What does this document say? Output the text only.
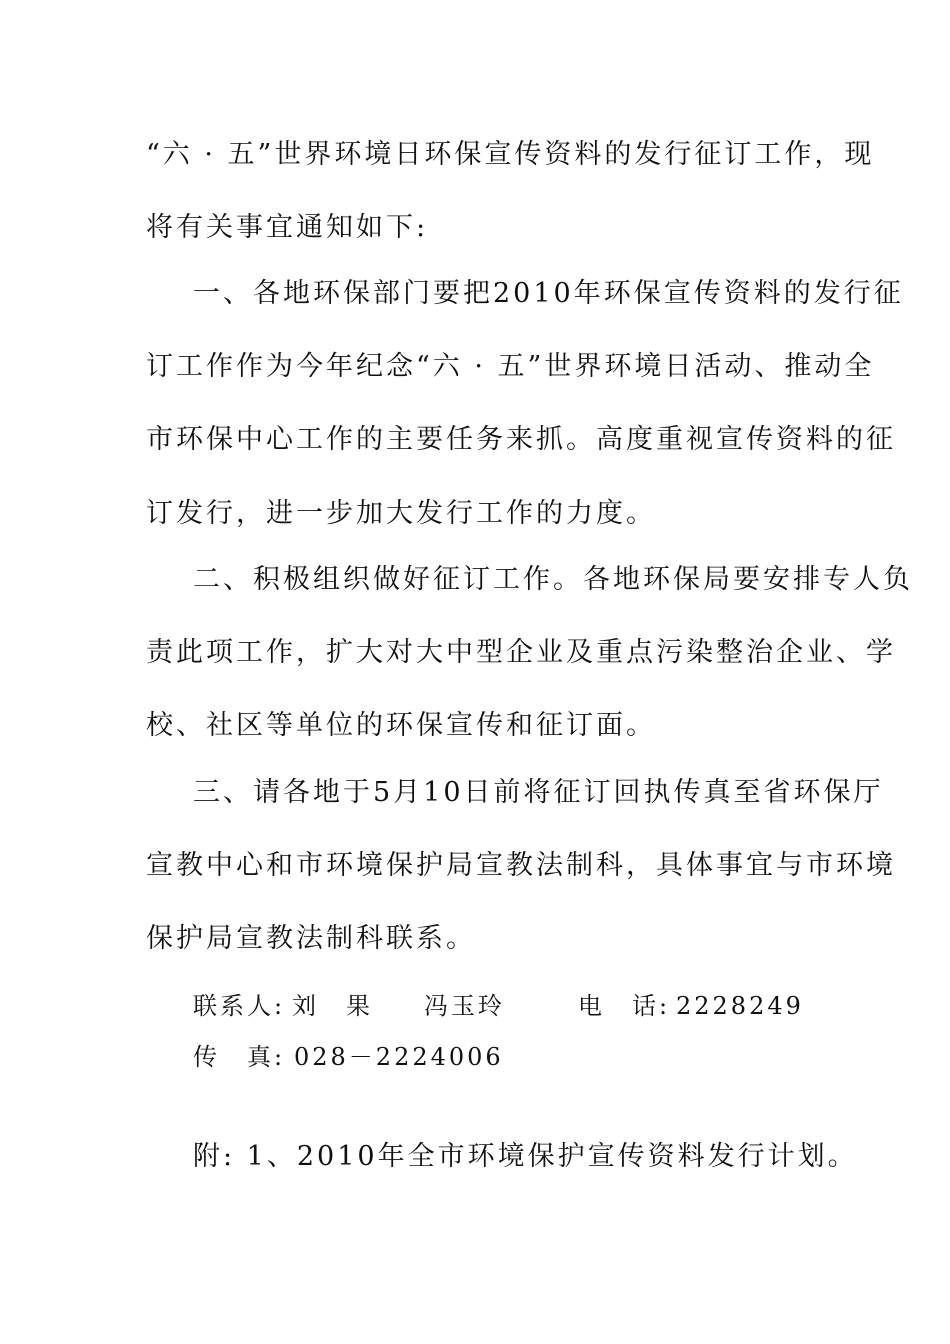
“六 · 五”世界环境日环保宣传资料的发行征订工作，现
将有关事宜通知如下:
一、各地环保部门要把2010年环保宣传资料的发行征
订工作作为今年纪念“六 · 五”世界环境日活动、推动全
市环保中心工作的主要任务来抓。高度重视宣传资料的征
订发行，进一步加大发行工作的力度。
二、积极组织做好征订工作。各地环保局要安排专人负
责此项工作，扩大对大中型企业及重点污染整治企业、学
校、社区等单位的环保宣传和征订面。
三、请各地于5月10日前将征订回执传真至省环保厅
宣教中心和市环境保护局宣教法制科，具体事宜与市环境
保护局宣教法制科联系。
联系人: 刘　果 冯玉玲	电　话: 2228249
传　真: 028－2224006
附: 1、2010年全市环境保护宣传资料发行计划。
